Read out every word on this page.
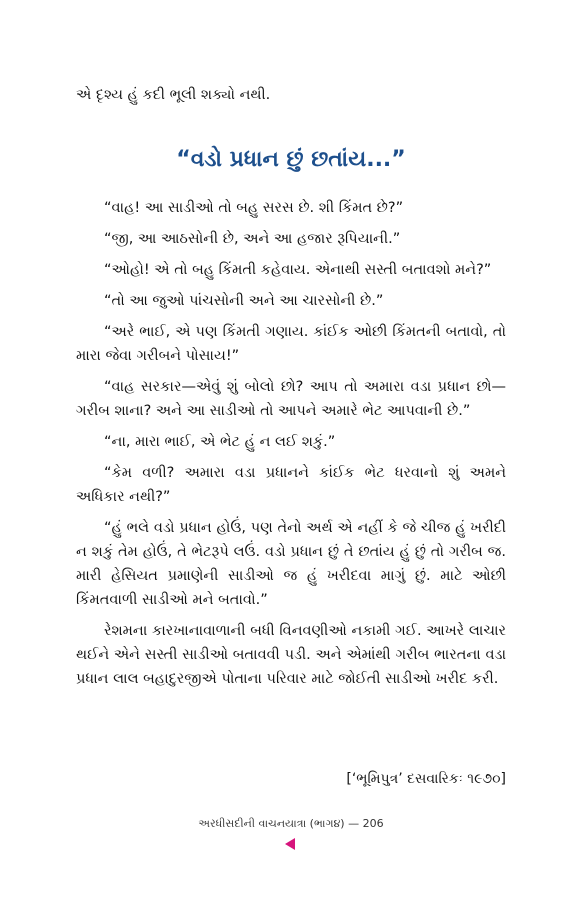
એ દૃશ્ય હું કદી ભૂલી શક્યો નથી.
“વડો પ્રધાન છું છતાંય...”

“વાહ! આ સાડીઓ તો બહુ સરસ છે. શી કિંમત છે?”

“જી, આ આઠસોની છે, અને આ હજાર રૂપિયાની.”

“ઓહો! એ તો બહુ કિંમતી કહેવાય. એનાથી સસ્તી બતાવશો મને?”

“તો આ જુઓ પાંચસોની અને આ ચારસોની છે.”

“અરે ભાઈ, એ પણ કિંમતી ગણાય. કાંઈક ઓછી કિંમતની બતાવો, તો મારા જેવા ગરીબને પોસાય!”

“વાહ સરકાર—એવું શું બોલો છો? આપ તો અમારા વડા પ્રધાન છો—ગરીબ શાના? અને આ સાડીઓ તો આપને અમારે ભેટ આપવાની છે.”

“ના, મારા ભાઈ, એ ભેટ હું ન લઈ શકું.”

“કેમ વળી? અમારા વડા પ્રધાનને કાંઈક ભેટ ધરવાનો શું અમને અધિકાર નથી?”

“હું ભલે વડો પ્રધાન હોઉં, પણ તેનો અર્થ એ નહીં કે જે ચીજ હું ખરીદી ન શકું તેમ હોઉં, તે ભેટરૂપે લઉં. વડો પ્રધાન છું તે છતાંય હું છું તો ગરીબ જ. મારી હેસિયત પ્રમાણેની સાડીઓ જ હું ખરીદવા માગું છું. માટે ઓછી કિંમતવાળી સાડીઓ મને બતાવો.”

રેશમના કારખાનાવાળાની બધી વિનવણીઓ નકામી ગઈ. આખરે લાચાર થઈને એને સસ્તી સાડીઓ બતાવવી પડી. અને એમાંથી ગરીબ ભારતના વડા પ્રધાન લાલ બહાદુરજીએ પોતાના પરિવાર માટે જોઈતી સાડીઓ ખરીદ કરી.

[‘ભૂમિપુત્ર’ દસવારિકઃ ૧૯૭૦]
અરધીસદીની વાચનયાત્રા (ભાગ૪) — 206
